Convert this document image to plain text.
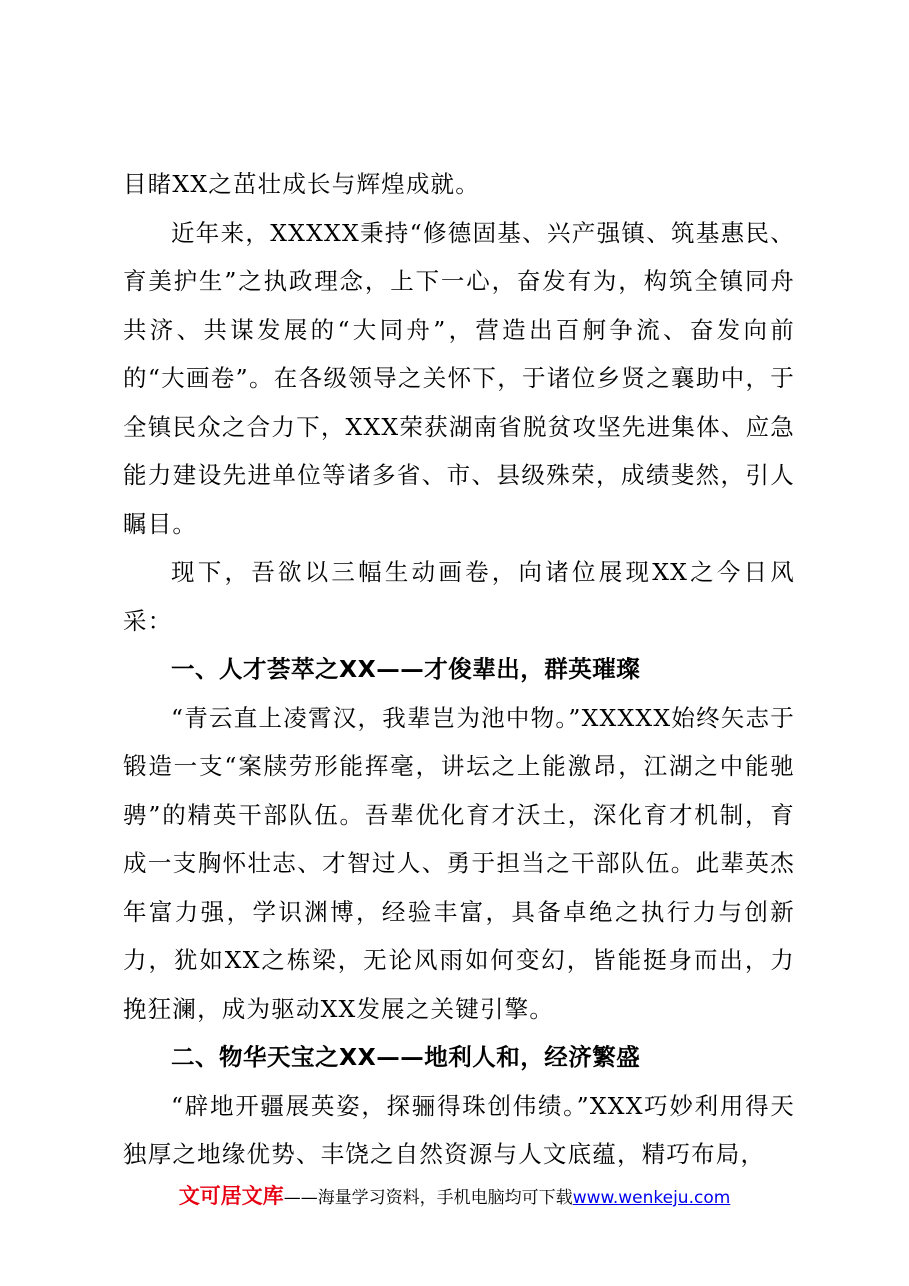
目睹XX之茁壮成长与辉煌成就。

近年来，XXXXX秉持“修德固基、兴产强镇、筑基惠民、育美护生”之执政理念，上下一心，奋发有为，构筑全镇同舟共济、共谋发展的“大同舟”，营造出百舸争流、奋发向前的“大画卷”。在各级领导之关怀下，于诸位乡贤之襄助中，于全镇民众之合力下，XXX荣获湖南省脱贫攻坚先进集体、应急能力建设先进单位等诸多省、市、县级殊荣，成绩斐然，引人瞩目。

现下，吾欲以三幅生动画卷，向诸位展现XX之今日风采：

一、人才荟萃之XX——才俊辈出，群英璀璨

“青云直上凌霄汉，我辈岂为池中物。”XXXXX始终矢志于锻造一支“案牍劳形能挥毫，讲坛之上能激昂，江湖之中能驰骋”的精英干部队伍。吾辈优化育才沃土，深化育才机制，育成一支胸怀壮志、才智过人、勇于担当之干部队伍。此辈英杰年富力强，学识渊博，经验丰富，具备卓绝之执行力与创新力，犹如XX之栋梁，无论风雨如何变幻，皆能挺身而出，力挽狂澜，成为驱动XX发展之关键引擎。

二、物华天宝之XX——地利人和，经济繁盛

“辟地开疆展英姿，探骊得珠创伟绩。”XXX巧妙利用得天独厚之地缘优势、丰饶之自然资源与人文底蕴，精巧布局，

文可居文库——海量学习资料，手机电脑均可下载www.wenkeju.com
